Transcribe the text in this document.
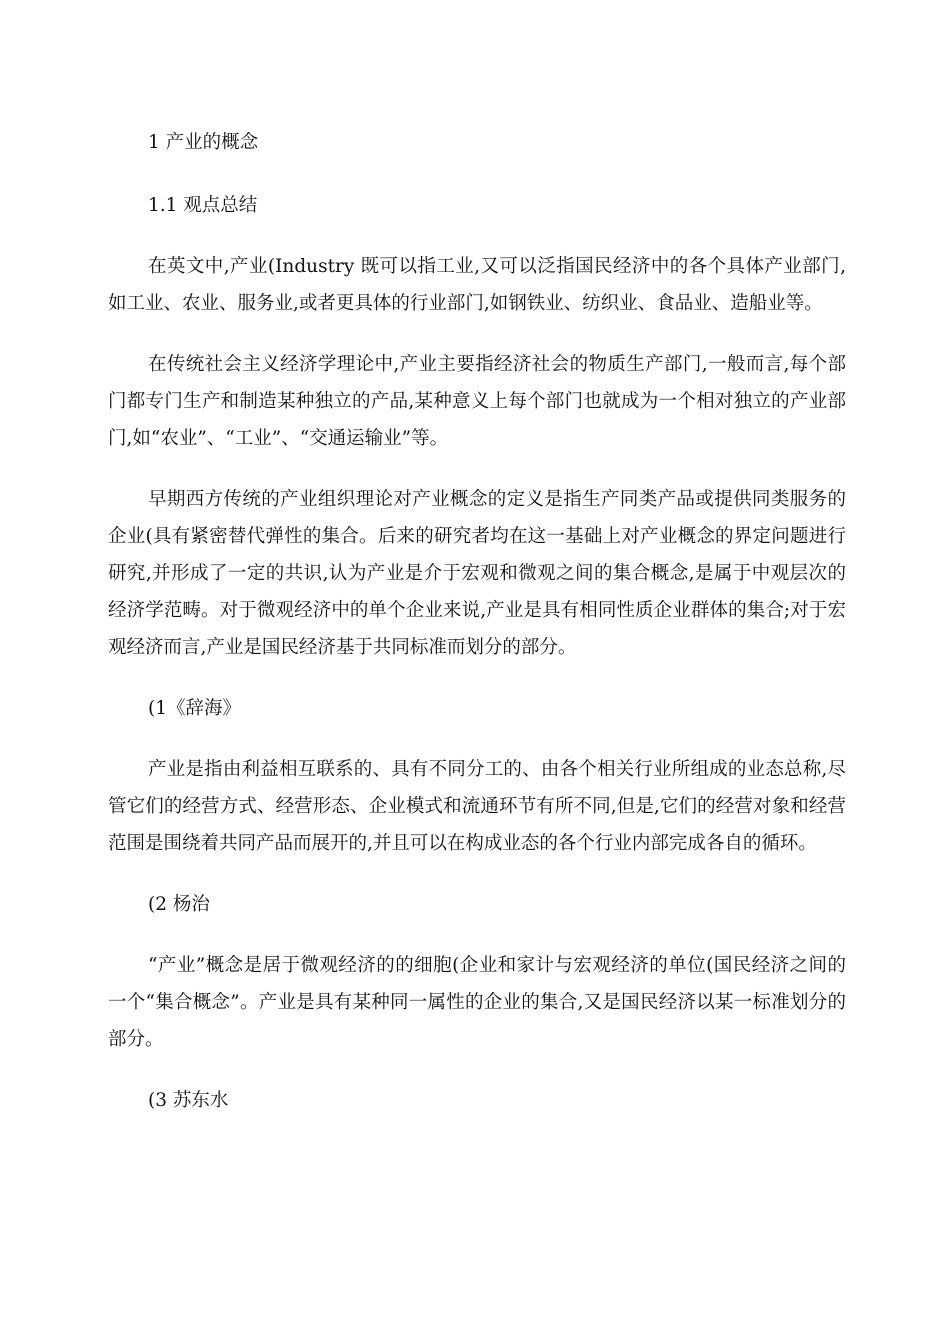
1 产业的概念

1.1 观点总结

在英文中,产业(Industry 既可以指工业,又可以泛指国民经济中的各个具体产业部门,如工业、农业、服务业,或者更具体的行业部门,如钢铁业、纺织业、食品业、造船业等。

在传统社会主义经济学理论中,产业主要指经济社会的物质生产部门,一般而言,每个部门都专门生产和制造某种独立的产品,某种意义上每个部门也就成为一个相对独立的产业部门,如“农业”、“工业”、“交通运输业”等。

早期西方传统的产业组织理论对产业概念的定义是指生产同类产品或提供同类服务的企业(具有紧密替代弹性的集合。后来的研究者均在这一基础上对产业概念的界定问题进行研究,并形成了一定的共识,认为产业是介于宏观和微观之间的集合概念,是属于中观层次的经济学范畴。对于微观经济中的单个企业来说,产业是具有相同性质企业群体的集合;对于宏观经济而言,产业是国民经济基于共同标准而划分的部分。

(1《辞海》

产业是指由利益相互联系的、具有不同分工的、由各个相关行业所组成的业态总称,尽管它们的经营方式、经营形态、企业模式和流通环节有所不同,但是,它们的经营对象和经营范围是围绕着共同产品而展开的,并且可以在构成业态的各个行业内部完成各自的循环。

(2 杨治

“产业”概念是居于微观经济的的细胞(企业和家计与宏观经济的单位(国民经济之间的一个“集合概念”。产业是具有某种同一属性的企业的集合,又是国民经济以某一标准划分的部分。

(3 苏东水
